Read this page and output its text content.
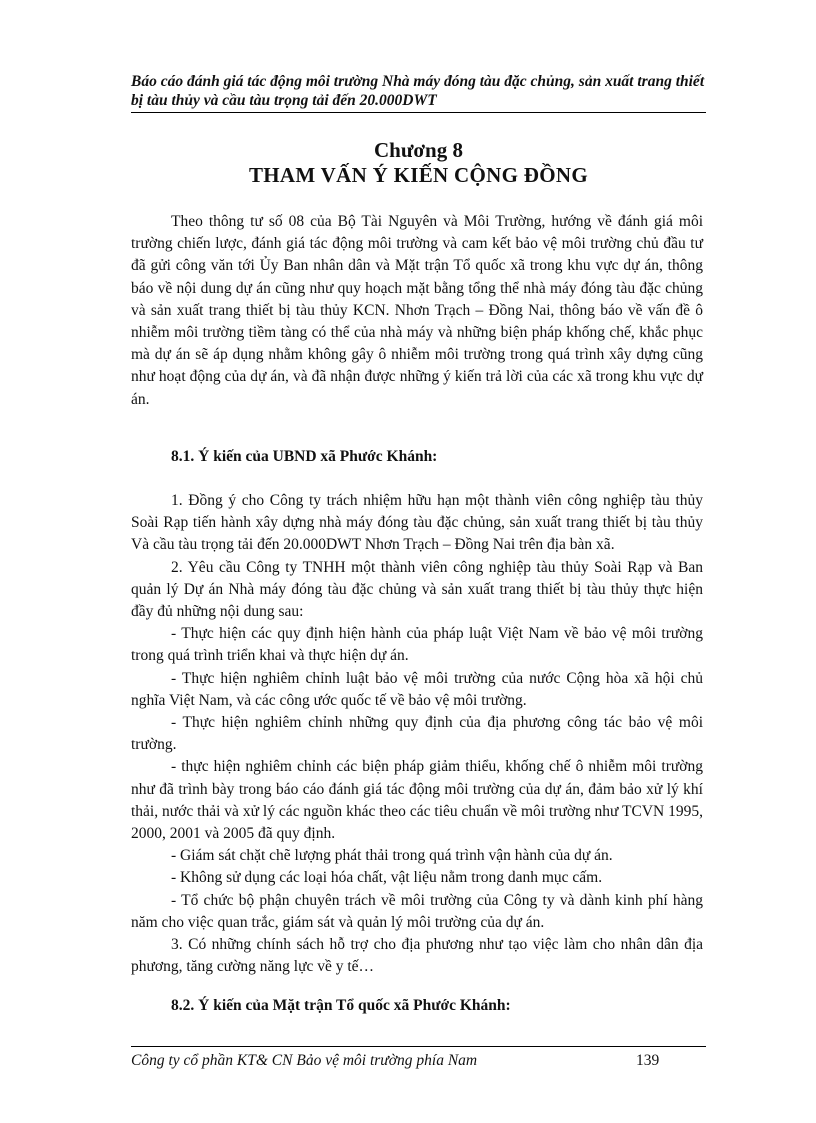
Báo cáo đánh giá tác động môi trường Nhà máy đóng tàu đặc chủng, sản xuất trang thiết bị tàu thủy và cầu tàu trọng tải đến 20.000DWT
Chương 8
THAM VẤN Ý KIẾN CỘNG ĐỒNG

Theo thông tư số 08 của Bộ Tài Nguyên và Môi Trường, hướng về đánh giá môi trường chiến lược, đánh giá tác động môi trường và cam kết bảo vệ môi trường chủ đầu tư đã gửi công văn tới Ủy Ban nhân dân và Mặt trận Tổ quốc xã trong khu vực dự án, thông báo về nội dung dự án cũng như quy hoạch mặt bằng tổng thể nhà máy đóng tàu đặc chủng và sản xuất trang thiết bị tàu thủy KCN. Nhơn Trạch – Đồng Nai, thông báo về vấn đề ô nhiễm môi trường tiềm tàng có thể của nhà máy và những biện pháp khống chế, khắc phục mà dự án sẽ áp dụng nhằm không gây ô nhiễm môi trường trong quá trình xây dựng cũng như hoạt động của dự án, và đã nhận được những ý kiến trả lời của các xã trong khu vực dự án.

8.1. Ý kiến của UBND xã Phước Khánh:

1. Đồng ý cho Công ty trách nhiệm hữu hạn một thành viên công nghiệp tàu thủy Soài Rạp tiến hành xây dựng nhà máy đóng tàu đặc chủng, sản xuất trang thiết bị tàu thủy Và cầu tàu trọng tải đến 20.000DWT Nhơn Trạch – Đồng Nai trên địa bàn xã.

2. Yêu cầu Công ty TNHH một thành viên công nghiệp tàu thủy Soài Rạp và Ban quản lý Dự án Nhà máy đóng tàu đặc chủng và sản xuất trang thiết bị tàu thủy thực hiện đầy đủ những nội dung sau:

- Thực hiện các quy định hiện hành của pháp luật Việt Nam về bảo vệ môi trường trong quá trình triển khai và thực hiện dự án.

- Thực hiện nghiêm chỉnh luật bảo vệ môi trường của nước Cộng hòa xã hội chủ nghĩa Việt Nam, và các công ước quốc tế về bảo vệ môi trường.

- Thực hiện nghiêm chỉnh những quy định của địa phương công tác bảo vệ môi trường.

- thực hiện nghiêm chỉnh các biện pháp giảm thiểu, khống chế ô nhiễm môi trường như đã trình bày trong báo cáo đánh giá tác động môi trường của dự án, đảm bảo xử lý khí thải, nước thải và xử lý các nguồn khác theo các tiêu chuẩn về môi trường như TCVN 1995, 2000, 2001 và 2005 đã quy định.

- Giám sát chặt chẽ lượng phát thải trong quá trình vận hành của dự án.

- Không sử dụng các loại hóa chất, vật liệu nằm trong danh mục cấm.

- Tổ chức bộ phận chuyên trách về môi trường của Công ty và dành kinh phí hàng năm cho việc quan trắc, giám sát và quản lý môi trường của dự án.

3. Có những chính sách hỗ trợ cho địa phương như tạo việc làm cho nhân dân địa phương, tăng cường năng lực về y tế…

8.2. Ý kiến của Mặt trận Tổ quốc xã Phước Khánh:
Công ty cổ phần KT& CN Bảo vệ môi trường phía Nam	139
